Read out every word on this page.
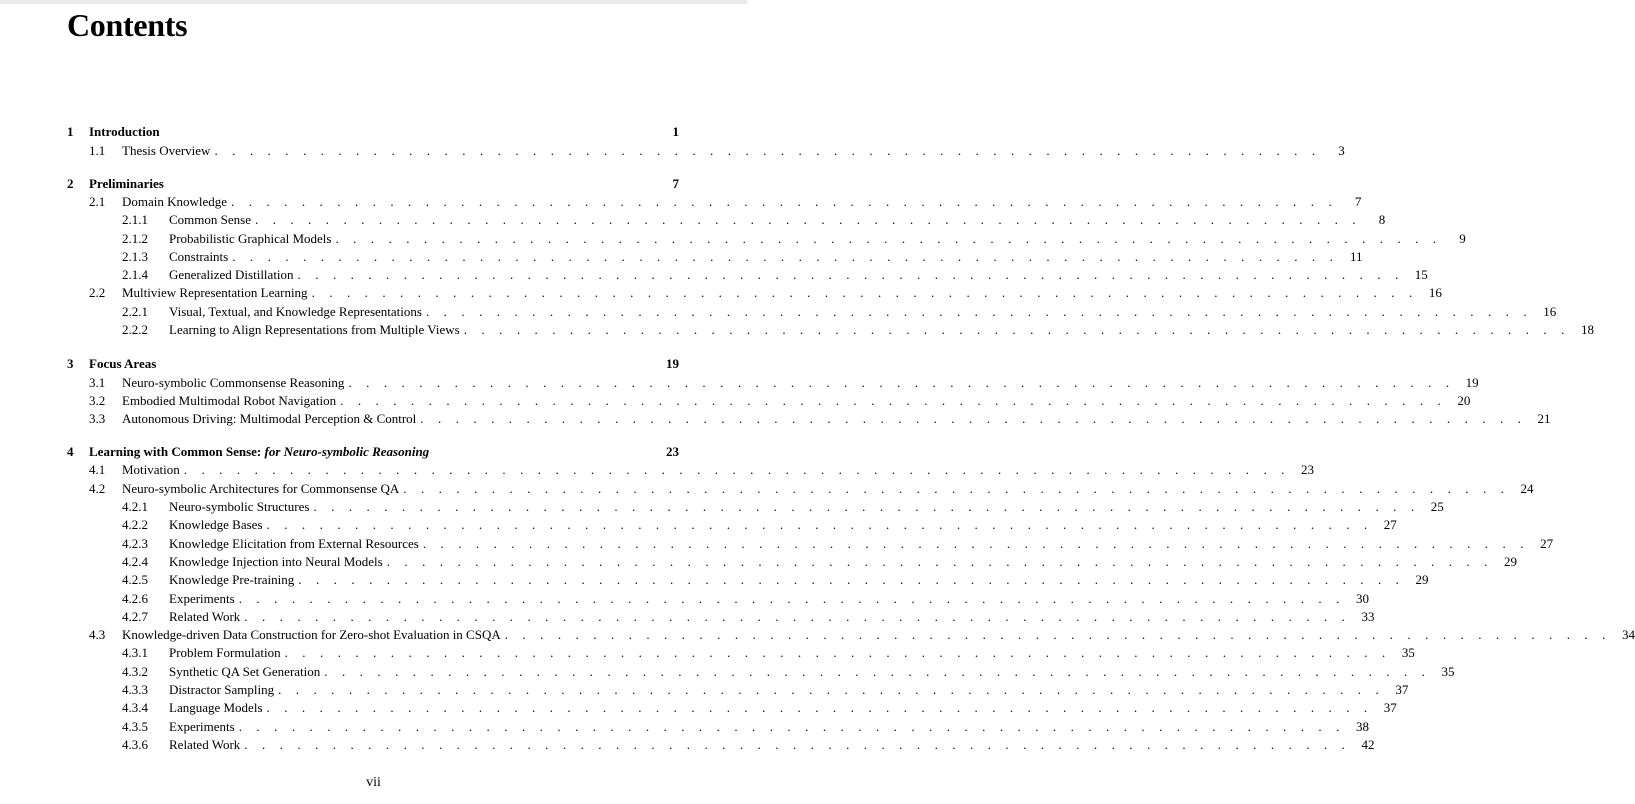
Contents
1 Introduction	1
1.1 Thesis Overview . . . . . . . . . . . . . . . . . . . . . . . . . . . . . . . . . . . . . . . . . . . . . . . . . . . . . . . . . . . . . . .	3
2 Preliminaries	7
2.1 Domain Knowledge . . . . . . . . . . . . . . . . . . . . . . . . . . . . . . . . . . . . . . . . . . . . . . . . . . . . . . . . . . . . . . .	7
2.1.1 Common Sense . . . . . . . . . . . . . . . . . . . . . . . . . . . . . . . . . . . . . . . . . . . . . . . . . . . . . . . . . . . . . . .	8
2.1.2 Probabilistic Graphical Models . . . . . . . . . . . . . . . . . . . . . . . . . . . . . . . . . . . . . . . . . . . . . . . . . . . . . . . . . . . . . . .	9
2.1.3 Constraints . . . . . . . . . . . . . . . . . . . . . . . . . . . . . . . . . . . . . . . . . . . . . . . . . . . . . . . . . . . . . . . 11
2.1.4 Generalized Distillation . . . . . . . . . . . . . . . . . . . . . . . . . . . . . . . . . . . . . . . . . . . . . . . . . . . . . . . . . . . . . . . 15
2.2 Multiview Representation Learning . . . . . . . . . . . . . . . . . . . . . . . . . . . . . . . . . . . . . . . . . . . . . . . . . . . . . . . . . . . . . . . 16
2.2.1 Visual, Textual, and Knowledge Representations . . . . . . . . . . . . . . . . . . . . . . . . . . . . . . . . . . . . . . . . . . . . . . . . . . . . . . . . . . . . . . . 16
2.2.2 Learning to Align Representations from Multiple Views . . . . . . . . . . . . . . . . . . . . . . . . . . . . . . . . . . . . . . . . . . . . . . . . . . . . . . . . . . . . . . . 18
3 Focus Areas	19
3.1 Neuro-symbolic Commonsense Reasoning . . . . . . . . . . . . . . . . . . . . . . . . . . . . . . . . . . . . . . . . . . . . . . . . . . . . . . . . . . . . . . . 19
3.2 Embodied Multimodal Robot Navigation . . . . . . . . . . . . . . . . . . . . . . . . . . . . . . . . . . . . . . . . . . . . . . . . . . . . . . . . . . . . . . . 20
3.3 Autonomous Driving: Multimodal Perception & Control . . . . . . . . . . . . . . . . . . . . . . . . . . . . . . . . . . . . . . . . . . . . . . . . . . . . . . . . . . . . . . . 21
4 Learning with Common Sense: for Neuro-symbolic Reasoning	23
4.1 Motivation . . . . . . . . . . . . . . . . . . . . . . . . . . . . . . . . . . . . . . . . . . . . . . . . . . . . . . . . . . . . . . . 23
4.2 Neuro-symbolic Architectures for Commonsense QA . . . . . . . . . . . . . . . . . . . . . . . . . . . . . . . . . . . . . . . . . . . . . . . . . . . . . . . . . . . . . . . 24
4.2.1 Neuro-symbolic Structures . . . . . . . . . . . . . . . . . . . . . . . . . . . . . . . . . . . . . . . . . . . . . . . . . . . . . . . . . . . . . . . 25
4.2.2 Knowledge Bases . . . . . . . . . . . . . . . . . . . . . . . . . . . . . . . . . . . . . . . . . . . . . . . . . . . . . . . . . . . . . . . 27
4.2.3 Knowledge Elicitation from External Resources . . . . . . . . . . . . . . . . . . . . . . . . . . . . . . . . . . . . . . . . . . . . . . . . . . . . . . . . . . . . . . . 27
4.2.4 Knowledge Injection into Neural Models . . . . . . . . . . . . . . . . . . . . . . . . . . . . . . . . . . . . . . . . . . . . . . . . . . . . . . . . . . . . . . . 29
4.2.5 Knowledge Pre-training . . . . . . . . . . . . . . . . . . . . . . . . . . . . . . . . . . . . . . . . . . . . . . . . . . . . . . . . . . . . . . . 29
4.2.6 Experiments . . . . . . . . . . . . . . . . . . . . . . . . . . . . . . . . . . . . . . . . . . . . . . . . . . . . . . . . . . . . . . . 30
4.2.7 Related Work . . . . . . . . . . . . . . . . . . . . . . . . . . . . . . . . . . . . . . . . . . . . . . . . . . . . . . . . . . . . . . . 33
4.3 Knowledge-driven Data Construction for Zero-shot Evaluation in CSQA . . . . . . . . . . . . . . . . . . . . . . . . . . . . . . . . . . . . . . . . . . . . . . . . . . . . . . . . . . . . . . . 34
4.3.1 Problem Formulation . . . . . . . . . . . . . . . . . . . . . . . . . . . . . . . . . . . . . . . . . . . . . . . . . . . . . . . . . . . . . . . 35
4.3.2 Synthetic QA Set Generation . . . . . . . . . . . . . . . . . . . . . . . . . . . . . . . . . . . . . . . . . . . . . . . . . . . . . . . . . . . . . . . 35
4.3.3 Distractor Sampling . . . . . . . . . . . . . . . . . . . . . . . . . . . . . . . . . . . . . . . . . . . . . . . . . . . . . . . . . . . . . . . 37
4.3.4 Language Models . . . . . . . . . . . . . . . . . . . . . . . . . . . . . . . . . . . . . . . . . . . . . . . . . . . . . . . . . . . . . . . 37
4.3.5 Experiments . . . . . . . . . . . . . . . . . . . . . . . . . . . . . . . . . . . . . . . . . . . . . . . . . . . . . . . . . . . . . . . 38
4.3.6 Related Work . . . . . . . . . . . . . . . . . . . . . . . . . . . . . . . . . . . . . . . . . . . . . . . . . . . . . . . . . . . . . . . 42
vii
